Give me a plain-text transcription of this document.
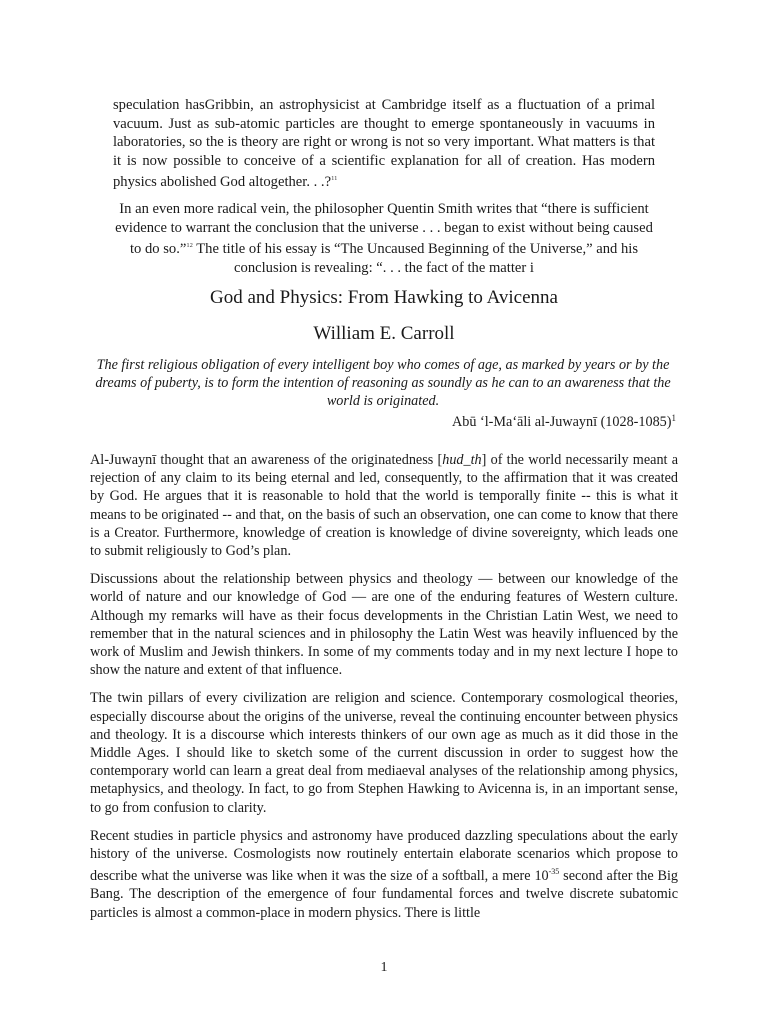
speculation hasGribbin, an astrophysicist at Cambridge itself as a fluctuation of a primal vacuum. Just as sub-atomic particles are thought to emerge spontaneously in vacuums in laboratories, so the is theory are right or wrong is not so very important. What matters is that it is now possible to conceive of a scientific explanation for all of creation. Has modern physics abolished God altogether. . .?$^{11}$

In an even more radical vein, the philosopher Quentin Smith writes that “there is sufficient evidence to warrant the conclusion that the universe . . . began to exist without being caused to do so.”$^{12}$ The title of his essay is “The Uncaused Beginning of the Universe,” and his conclusion is revealing: “. . . the fact of the matter i

God and Physics: From Hawking to Avicenna
William E. Carroll
The first religious obligation of every intelligent boy who comes of age, as marked by years or by the dreams of puberty, is to form the intention of reasoning as soundly as he can to an awareness that the world is originated.
Abū ʻl-Maʻāli al-Juwaynī (1028-1085)$^1$

Al-Juwaynī thought that an awareness of the originatedness [hud_th] of the world necessarily meant a rejection of any claim to its being eternal and led, consequently, to the affirmation that it was created by God. He argues that it is reasonable to hold that the world is temporally finite -- this is what it means to be originated -- and that, on the basis of such an observation, one can come to know that there is a Creator. Furthermore, knowledge of creation is knowledge of divine sovereignty, which leads one to submit religiously to God’s plan.

Discussions about the relationship between physics and theology — between our knowledge of the world of nature and our knowledge of God — are one of the enduring features of Western culture. Although my remarks will have as their focus developments in the Christian Latin West, we need to remember that in the natural sciences and in philosophy the Latin West was heavily influenced by the work of Muslim and Jewish thinkers. In some of my comments today and in my next lecture I hope to show the nature and extent of that influence.

The twin pillars of every civilization are religion and science. Contemporary cosmological theories, especially discourse about the origins of the universe, reveal the continuing encounter between physics and theology. It is a discourse which interests thinkers of our own age as much as it did those in the Middle Ages. I should like to sketch some of the current discussion in order to suggest how the contemporary world can learn a great deal from mediaeval analyses of the relationship among physics, metaphysics, and theology. In fact, to go from Stephen Hawking to Avicenna is, in an important sense, to go from confusion to clarity.

Recent studies in particle physics and astronomy have produced dazzling speculations about the early history of the universe. Cosmologists now routinely entertain elaborate scenarios which propose to describe what the universe was like when it was the size of a softball, a mere $10^{-35}$ second after the Big Bang. The description of the emergence of four fundamental forces and twelve discrete subatomic particles is almost a common-place in modern physics. There is little

1
